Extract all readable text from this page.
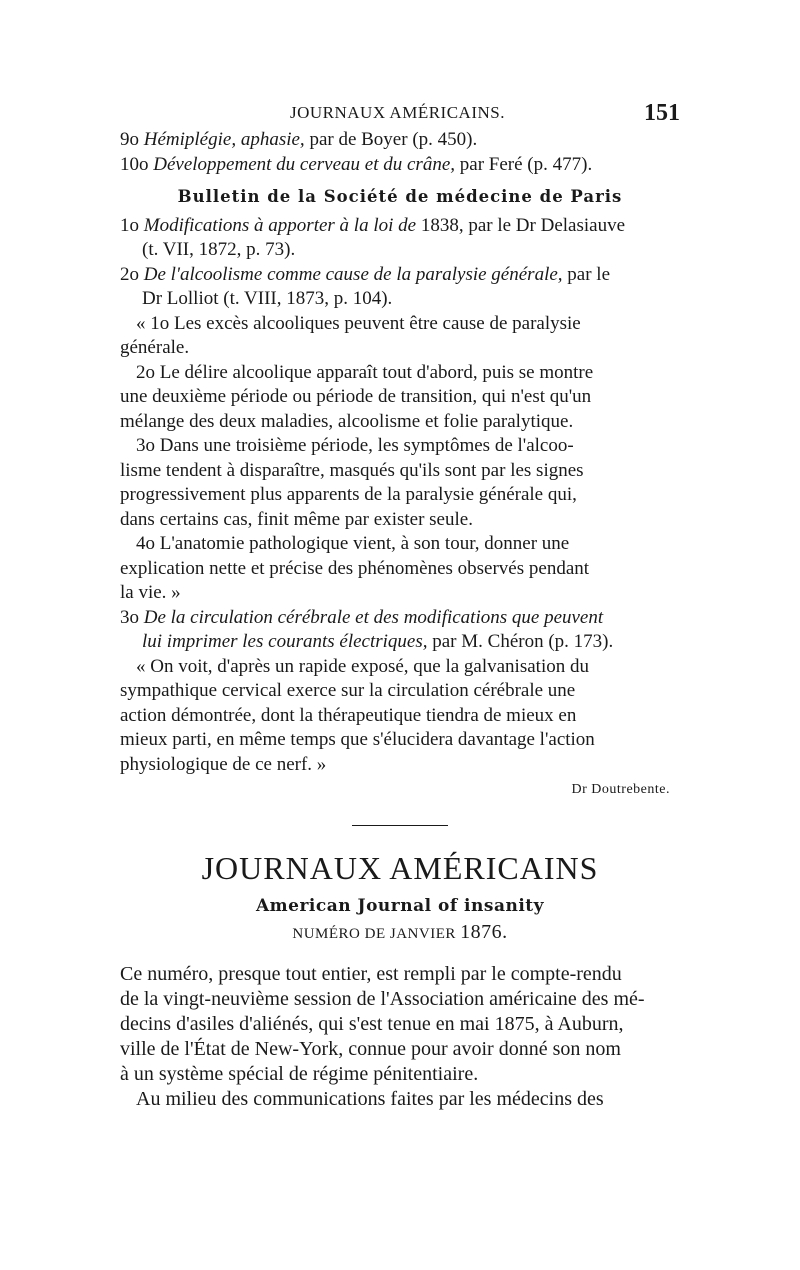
JOURNAUX AMÉRICAINS.	151
9o Hémiplégie, aphasie, par de Boyer (p. 450).
10o Développement du cerveau et du crâne, par Feré (p. 477).
Bulletin de la Société de médecine de Paris
1o Modifications à apporter à la loi de 1838, par le Dr Delasiauve
(t. VII, 1872, p. 73).
2o De l'alcoolisme comme cause de la paralysie générale, par le
Dr Lolliot (t. VIII, 1873, p. 104).
« 1o Les excès alcooliques peuvent être cause de paralysie
générale.
2o Le délire alcoolique apparaît tout d'abord, puis se montre
une deuxième période ou période de transition, qui n'est qu'un
mélange des deux maladies, alcoolisme et folie paralytique.
3o Dans une troisième période, les symptômes de l'alcoo-
lisme tendent à disparaître, masqués qu'ils sont par les signes
progressivement plus apparents de la paralysie générale qui,
dans certains cas, finit même par exister seule.
4o L'anatomie pathologique vient, à son tour, donner une
explication nette et précise des phénomènes observés pendant
la vie. »
3o De la circulation cérébrale et des modifications que peuvent
lui imprimer les courants électriques, par M. Chéron (p. 173).
« On voit, d'après un rapide exposé, que la galvanisation du
sympathique cervical exerce sur la circulation cérébrale une
action démontrée, dont la thérapeutique tiendra de mieux en
mieux parti, en même temps que s'élucidera davantage l'action
physiologique de ce nerf. »
Dr Doutrebente.
JOURNAUX AMÉRICAINS
American Journal of insanity
NUMÉRO DE JANVIER 1876.
Ce numéro, presque tout entier, est rempli par le compte-rendu
de la vingt-neuvième session de l'Association américaine des mé-
decins d'asiles d'aliénés, qui s'est tenue en mai 1875, à Auburn,
ville de l'État de New-York, connue pour avoir donné son nom
à un système spécial de régime pénitentiaire.
Au milieu des communications faites par les médecins des
